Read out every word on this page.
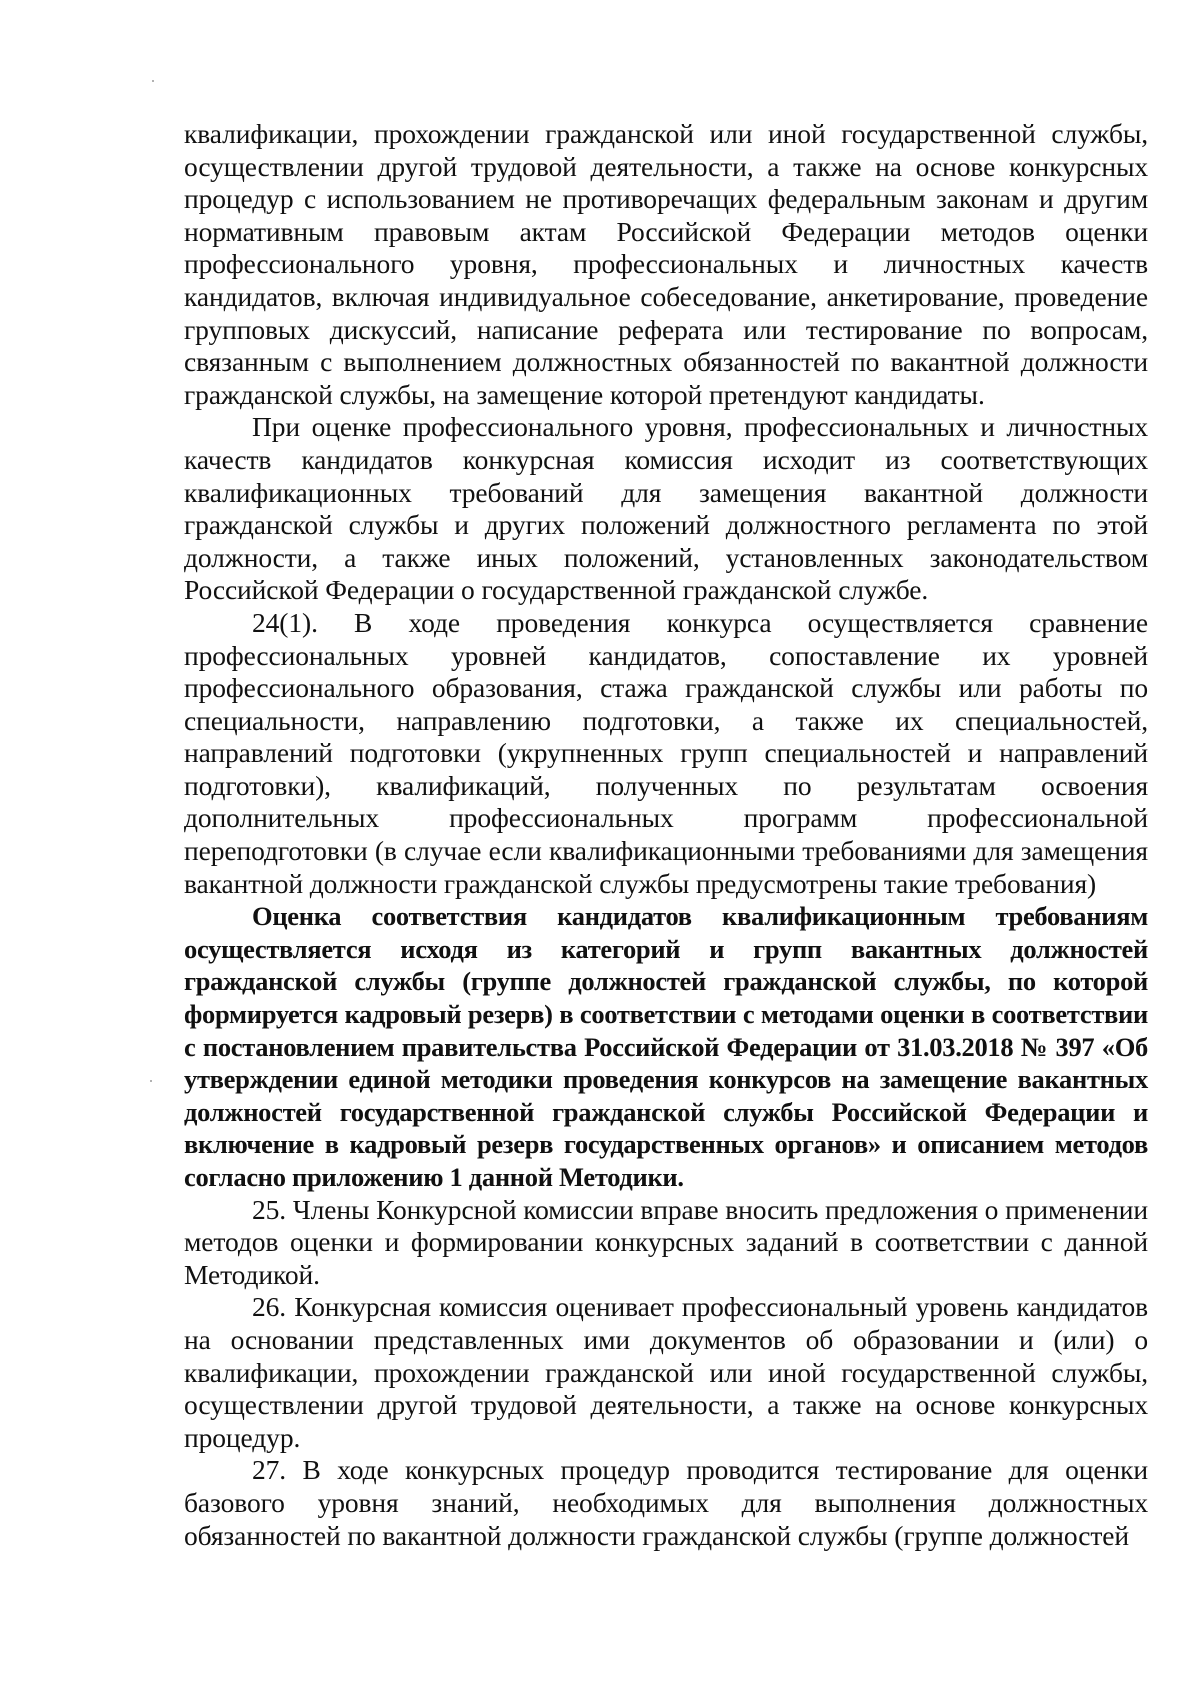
квалификации, прохождении гражданской или иной государственной службы, осуществлении другой трудовой деятельности, а также на основе конкурсных процедур с использованием не противоречащих федеральным законам и другим нормативным правовым актам Российской Федерации методов оценки профессионального уровня, профессиональных и личностных качеств кандидатов, включая индивидуальное собеседование, анкетирование, проведение групповых дискуссий, написание реферата или тестирование по вопросам, связанным с выполнением должностных обязанностей по вакантной должности гражданской службы, на замещение которой претендуют кандидаты.

При оценке профессионального уровня, профессиональных и личностных качеств кандидатов конкурсная комиссия исходит из соответствующих квалификационных требований для замещения вакантной должности гражданской службы и других положений должностного регламента по этой должности, а также иных положений, установленных законодательством Российской Федерации о государственной гражданской службе.

24(1). В ходе проведения конкурса осуществляется сравнение профессиональных уровней кандидатов, сопоставление их уровней профессионального образования, стажа гражданской службы или работы по специальности, направлению подготовки, а также их специальностей, направлений подготовки (укрупненных групп специальностей и направлений подготовки), квалификаций, полученных по результатам освоения дополнительных профессиональных программ профессиональной переподготовки (в случае если квалификационными требованиями для замещения вакантной должности гражданской службы предусмотрены такие требования)

Оценка соответствия кандидатов квалификационным требованиям осуществляется исходя из категорий и групп вакантных должностей гражданской службы (группе должностей гражданской службы, по которой формируется кадровый резерв) в соответствии с методами оценки в соответствии с постановлением правительства Российской Федерации от 31.03.2018 № 397 «Об утверждении единой методики проведения конкурсов на замещение вакантных должностей государственной гражданской службы Российской Федерации и включение в кадровый резерв государственных органов» и описанием методов согласно приложению 1 данной Методики.

25. Члены Конкурсной комиссии вправе вносить предложения о применении методов оценки и формировании конкурсных заданий в соответствии с данной Методикой.

26. Конкурсная комиссия оценивает профессиональный уровень кандидатов на основании представленных ими документов об образовании и (или) о квалификации, прохождении гражданской или иной государственной службы, осуществлении другой трудовой деятельности, а также на основе конкурсных процедур.

27. В ходе конкурсных процедур проводится тестирование для оценки базового уровня знаний, необходимых для выполнения должностных обязанностей по вакантной должности гражданской службы (группе должностей
